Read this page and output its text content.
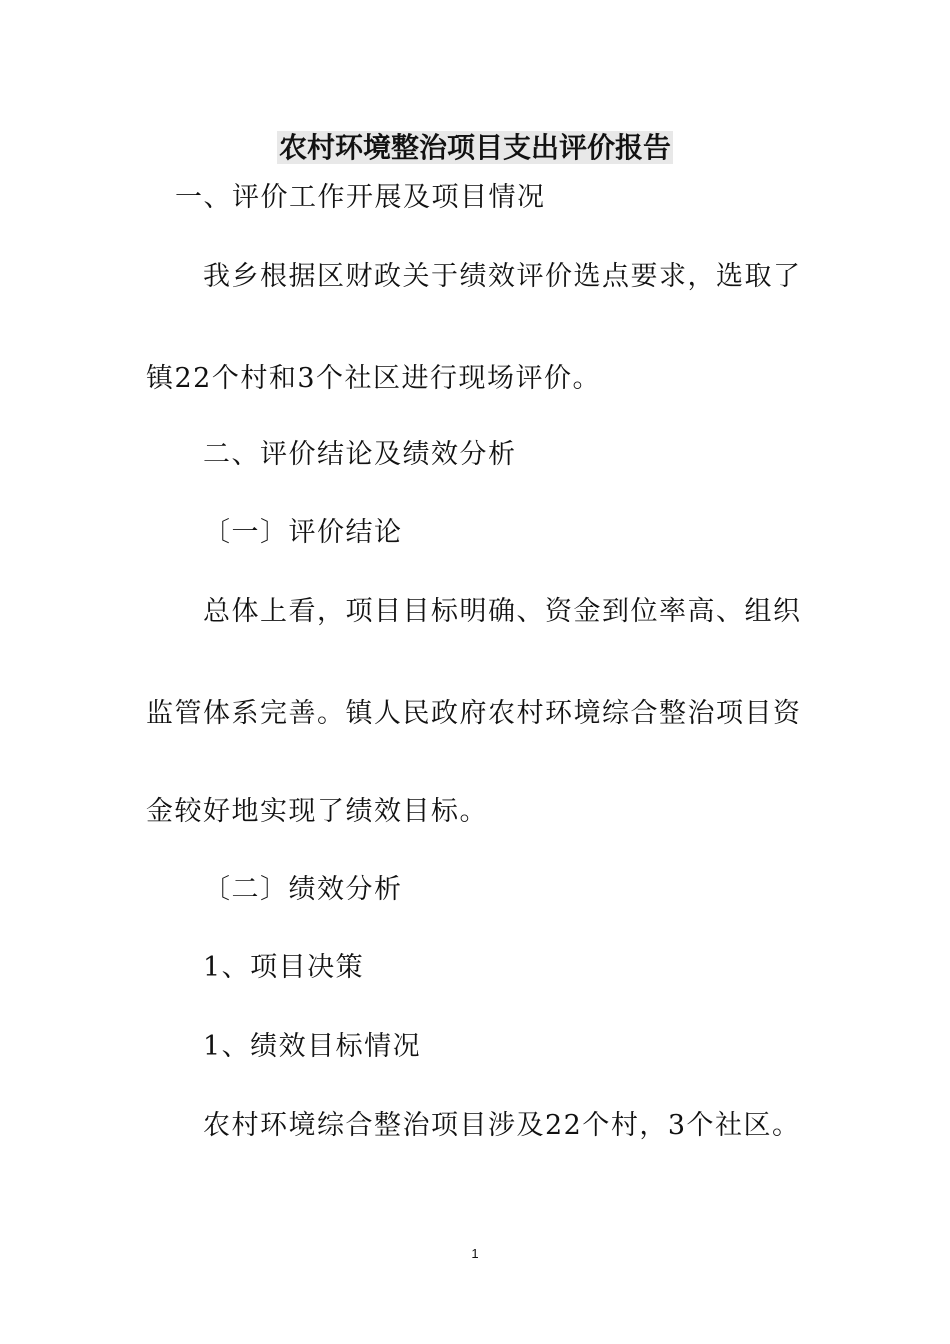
农村环境整治项目支出评价报告
一、评价工作开展及项目情况
我乡根据区财政关于绩效评价选点要求，选取了
镇22个村和3个社区进行现场评价。
二、评价结论及绩效分析
〔一〕评价结论
总体上看，项目目标明确、资金到位率高、组织
监管体系完善。镇人民政府农村环境综合整治项目资
金较好地实现了绩效目标。
〔二〕绩效分析
1、项目决策
1、绩效目标情况
农村环境综合整治项目涉及22个村，3个社区。
1
